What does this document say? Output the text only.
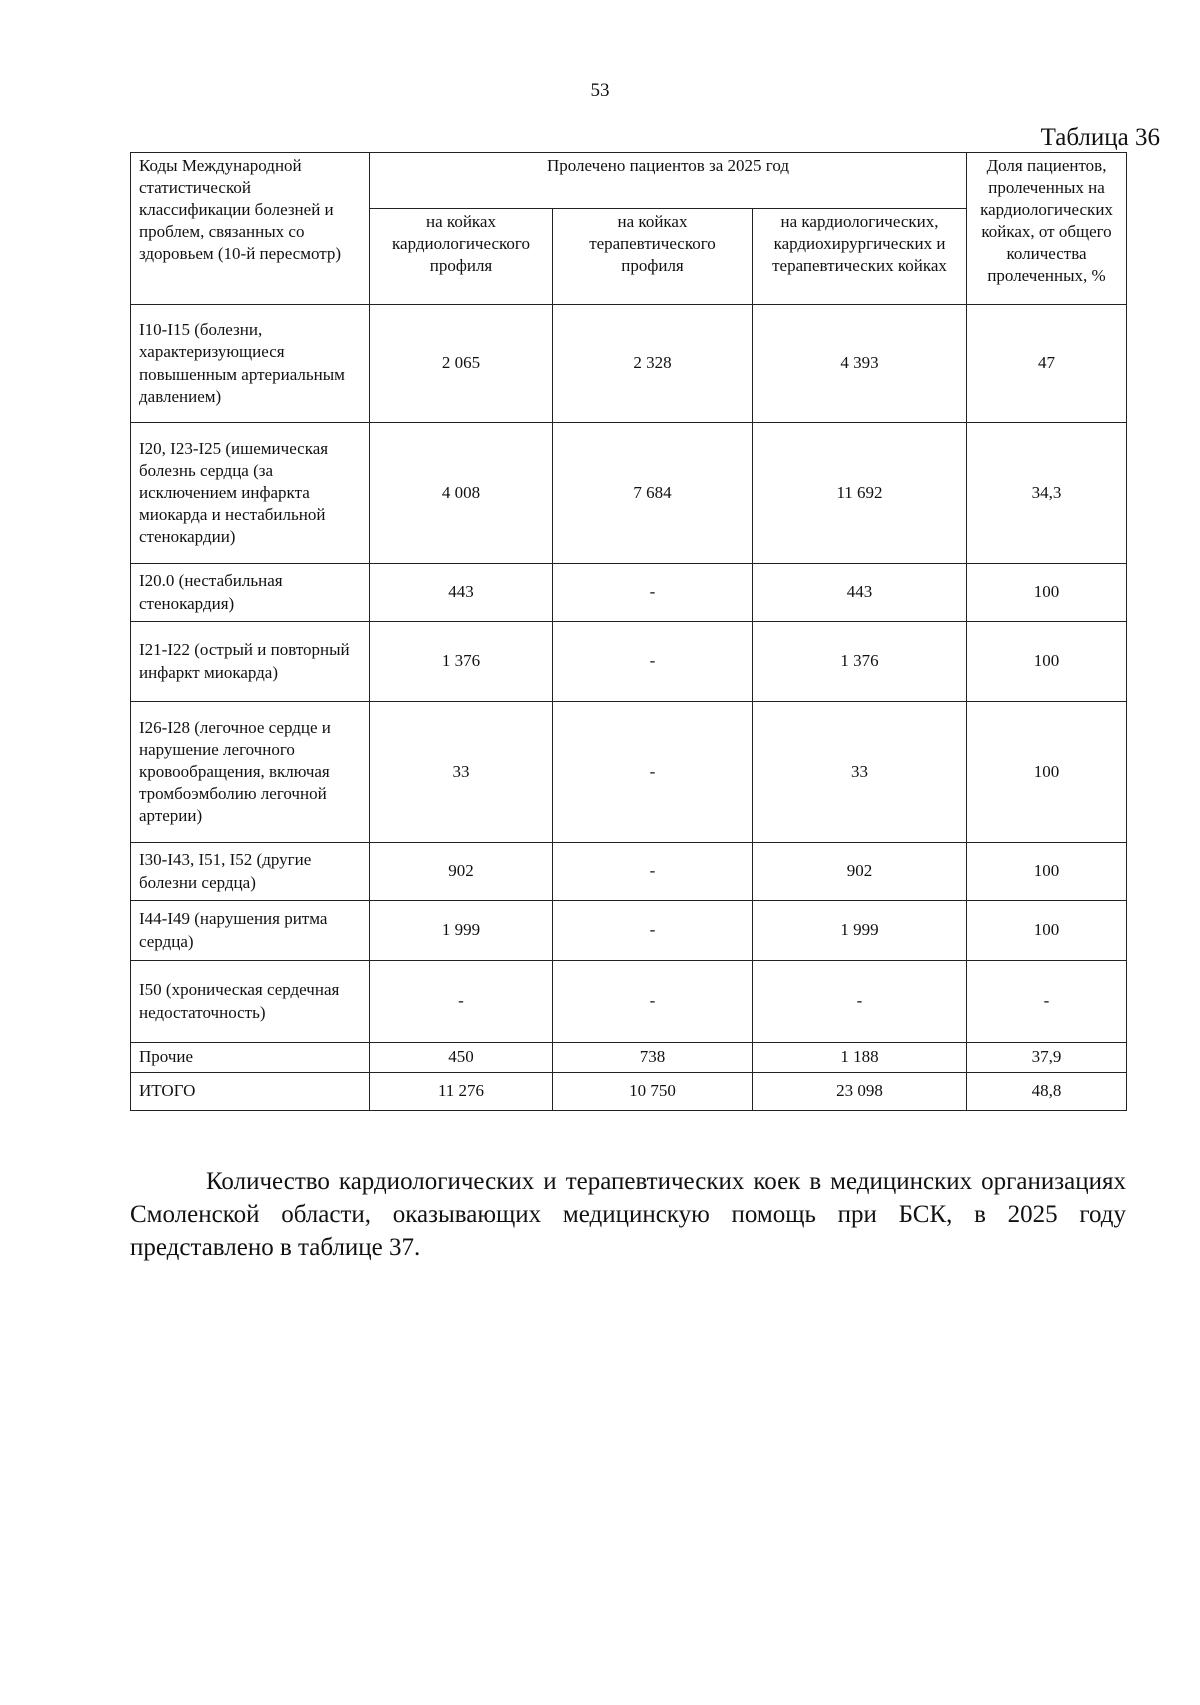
53
Таблица 36
Коды Международной статистической классификации болезней и проблем, связанных со здоровьем (10-й пересмотр)	Пролечено пациентов за 2025 год			Доля пациентов, пролеченных на кардиологических койках, от общего количества пролеченных, %
	на койках кардиологического профиля	на койках терапевтического профиля	на кардиологических, кардиохирургических и терапевтических койках	
I10-I15 (болезни, характеризующиеся повышенным артериальным давлением)	2 065	2 328	4 393	47
I20, I23-I25 (ишемическая болезнь сердца (за исключением инфаркта миокарда и нестабильной стенокардии)	4 008	7 684	11 692	34,3
I20.0 (нестабильная стенокардия)	443	-	443	100
I21-I22 (острый и повторный инфаркт миокарда)	1 376	-	1 376	100
I26-I28 (легочное сердце и нарушение легочного кровообращения, включая тромбоэмболию легочной артерии)	33	-	33	100
I30-I43, I51, I52 (другие болезни сердца)	902	-	902	100
I44-I49 (нарушения ритма сердца)	1 999	-	1 999	100
I50 (хроническая сердечная недостаточность)	-	-	-	-
Прочие	450	738	1 188	37,9
ИТОГО	11 276	10 750	23 098	48,8

Количество кардиологических и терапевтических коек в медицинских организациях Смоленской области, оказывающих медицинскую помощь при БСК, в 2025 году представлено в таблице 37.
